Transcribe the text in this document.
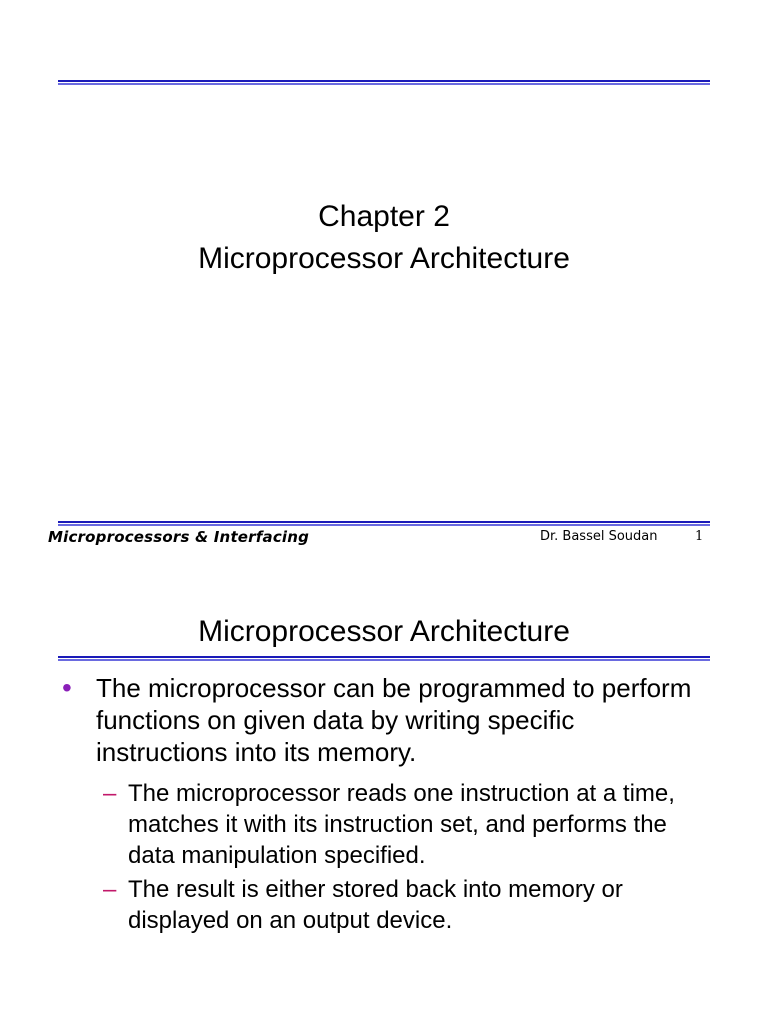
Chapter 2
Microprocessor Architecture
Microprocessors & Interfacing	Dr. Bassel Soudan	1
Microprocessor Architecture
• The microprocessor can be programmed to perform functions on given data by writing specific instructions into its memory.
– The microprocessor reads one instruction at a time, matches it with its instruction set, and performs the data manipulation specified.
– The result is either stored back into memory or displayed on an output device.
